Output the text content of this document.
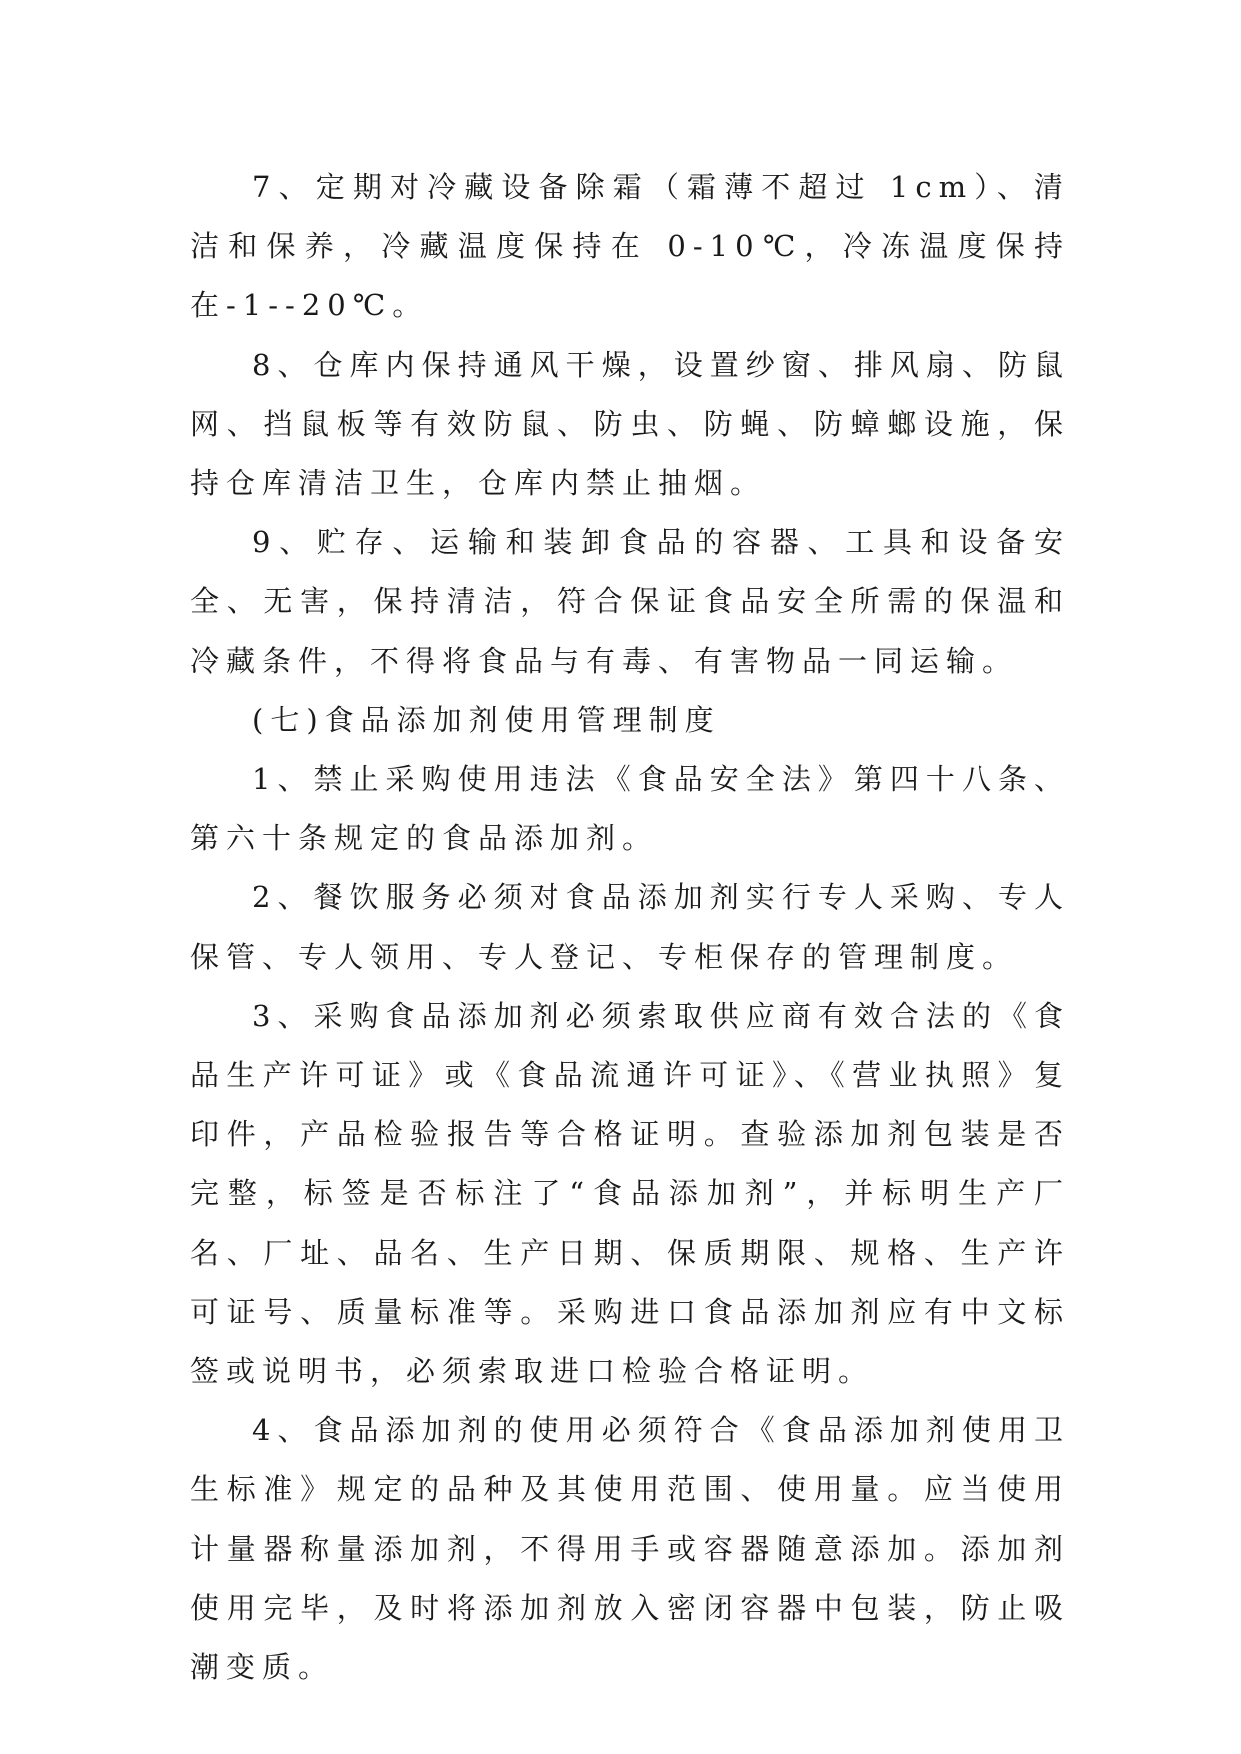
7、定期对冷藏设备除霜（霜薄不超过 1cm）、清洁和保养，冷藏温度保持在 0-10℃，冷冻温度保持在-1--20℃。

8、仓库内保持通风干燥，设置纱窗、排风扇、防鼠网、挡鼠板等有效防鼠、防虫、防蝇、防蟑螂设施，保持仓库清洁卫生，仓库内禁止抽烟。

9、贮存、运输和装卸食品的容器、工具和设备安全、无害，保持清洁，符合保证食品安全所需的保温和冷藏条件，不得将食品与有毒、有害物品一同运输。

(七)食品添加剂使用管理制度

1、禁止采购使用违法《食品安全法》第四十八条、第六十条规定的食品添加剂。

2、餐饮服务必须对食品添加剂实行专人采购、专人保管、专人领用、专人登记、专柜保存的管理制度。

3、采购食品添加剂必须索取供应商有效合法的《食品生产许可证》或《食品流通许可证》、《营业执照》复印件，产品检验报告等合格证明。查验添加剂包装是否完整，标签是否标注了“食品添加剂”，并标明生产厂名、厂址、品名、生产日期、保质期限、规格、生产许可证号、质量标准等。采购进口食品添加剂应有中文标签或说明书，必须索取进口检验合格证明。

4、食品添加剂的使用必须符合《食品添加剂使用卫生标准》规定的品种及其使用范围、使用量。应当使用计量器称量添加剂，不得用手或容器随意添加。添加剂使用完毕，及时将添加剂放入密闭容器中包装，防止吸潮变质。
